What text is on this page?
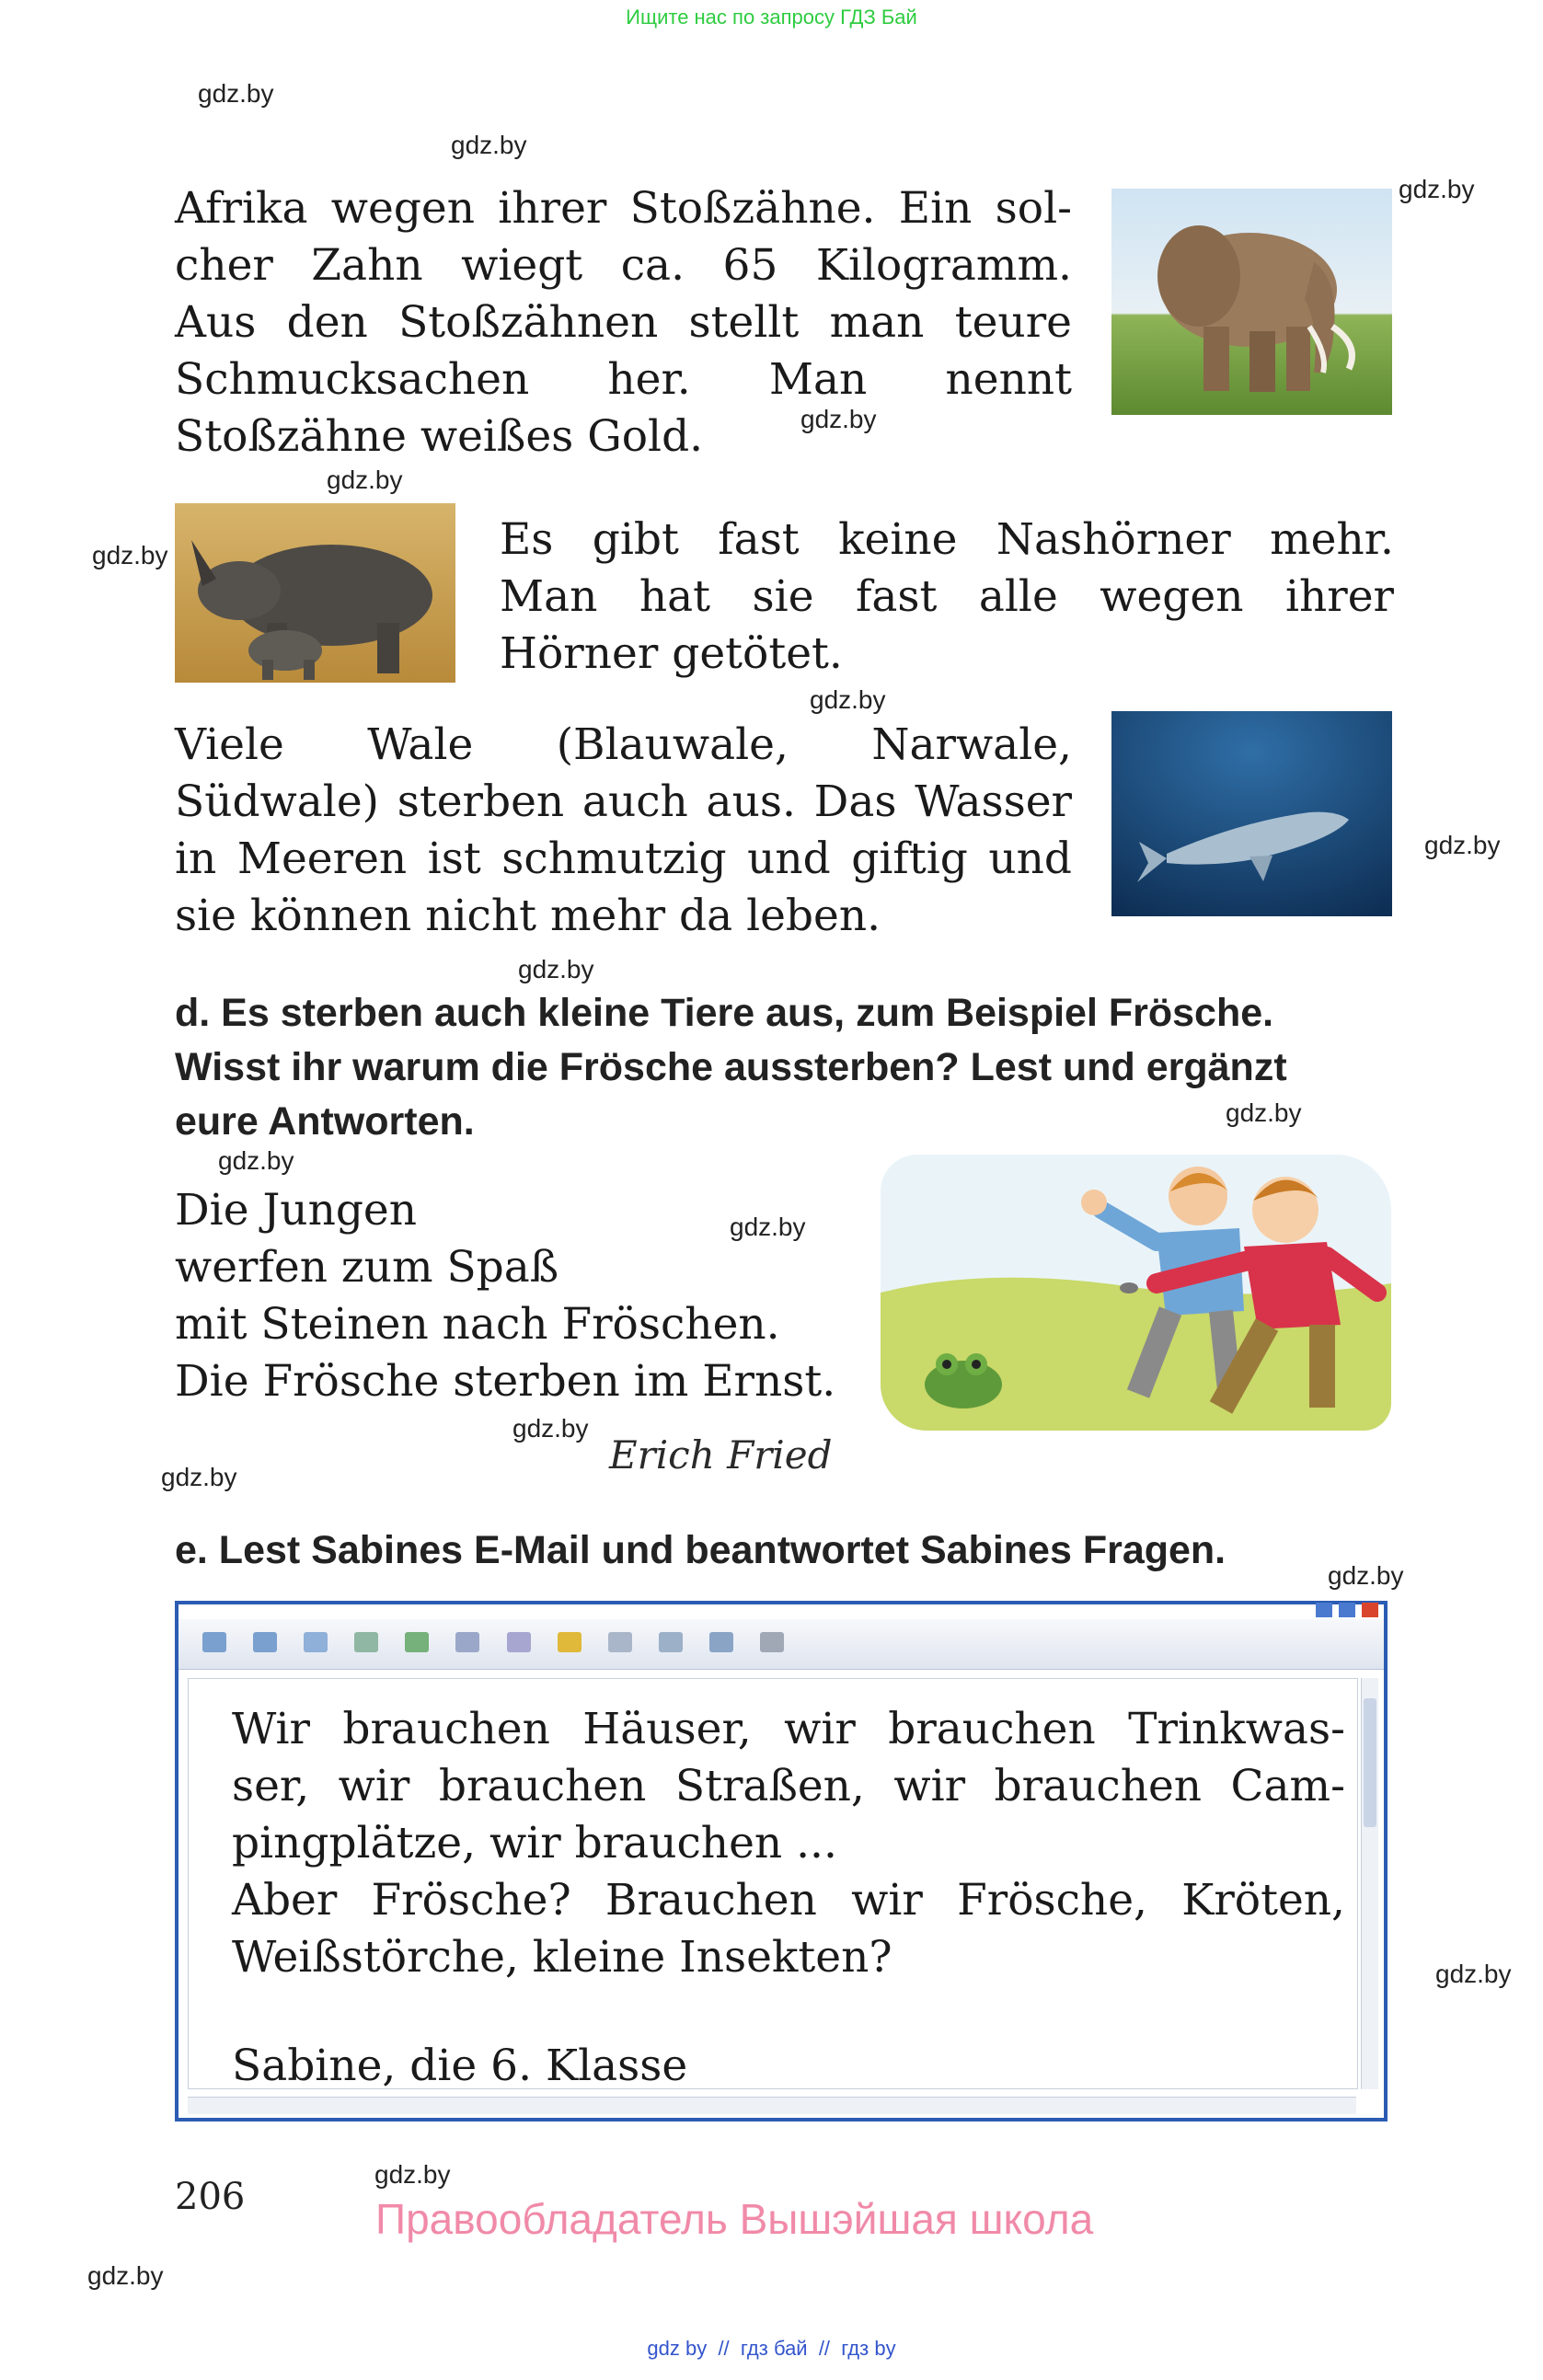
Ищите нас по запросу ГДЗ Бай
gdz.by
gdz.by
gdz.by
gdz.by
gdz.by
gdz.by
gdz.by
gdz.by
gdz.by
gdz.by
gdz.by
gdz.by
gdz.by
gdz.by
gdz.by
gdz.by
gdz.by
gdz.by
Afrika wegen ihrer Stoßzähne. Ein sol-
cher Zahn wiegt ca. 65 Kilogramm.
Aus den Stoßzähnen stellt man teure
Schmucksachen her. Man nennt
Stoßzähne weißes Gold.
Es gibt fast keine Nashörner mehr.
Man hat sie fast alle wegen ihrer
Hörner getötet.
Viele Wale (Blauwale, Narwale,
Südwale) sterben auch aus. Das Wasser
in Meeren ist schmutzig und giftig und
sie können nicht mehr da leben.
d. Es sterben auch kleine Tiere aus, zum Beispiel Frösche.
Wisst ihr warum die Frösche aussterben? Lest und ergänzt
eure Antworten.
Die Jungen
werfen zum Spaß
mit Steinen nach Fröschen.
Die Frösche sterben im Ernst.
Erich Fried
e. Lest Sabines E-Mail und beantwortet Sabines Fragen.

Wir brauchen Häuser, wir brauchen Trinkwas-
ser, wir brauchen Straßen, wir brauchen Cam-
pingplätze, wir brauchen ...
Aber Frösche? Brauchen wir Frösche, Kröten,
Weißstörche, kleine Insekten?
Sabine, die 6. Klasse
206	Правообладатель Вышэйшая школа
gdz by  //  гдз бай  //  гдз by
